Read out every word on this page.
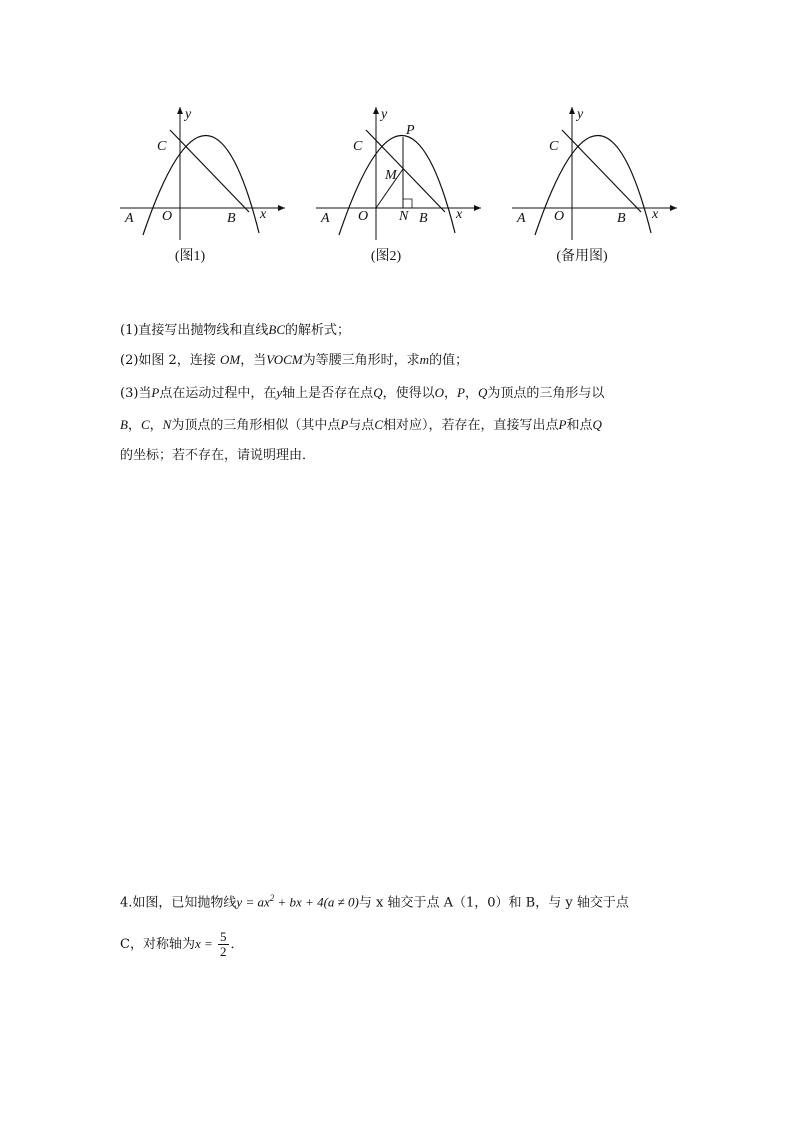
y
x
C
O
A	B
(图1)
y
x
C
O
A	B
P
M
N
(图2)
y
x
C
O
A	B
(备用图)
(1)直接写出抛物线和直线BC的解析式；
(2)如图 2，连接 OM，当VOCM为等腰三角形时，求m的值；
(3)当P点在运动过程中，在y轴上是否存在点Q，使得以O，P，Q为顶点的三角形与以
B，C，N为顶点的三角形相似（其中点P与点C相对应），若存在，直接写出点P和点Q
的坐标；若不存在，请说明理由．
4.如图，已知抛物线$y = ax^2$ + bx + 4(a ≠ 0)与 x 轴交于点 A（1，0）和 B，与 y 轴交于点
C，对称轴为$x = \frac{5}{2}$ ．
